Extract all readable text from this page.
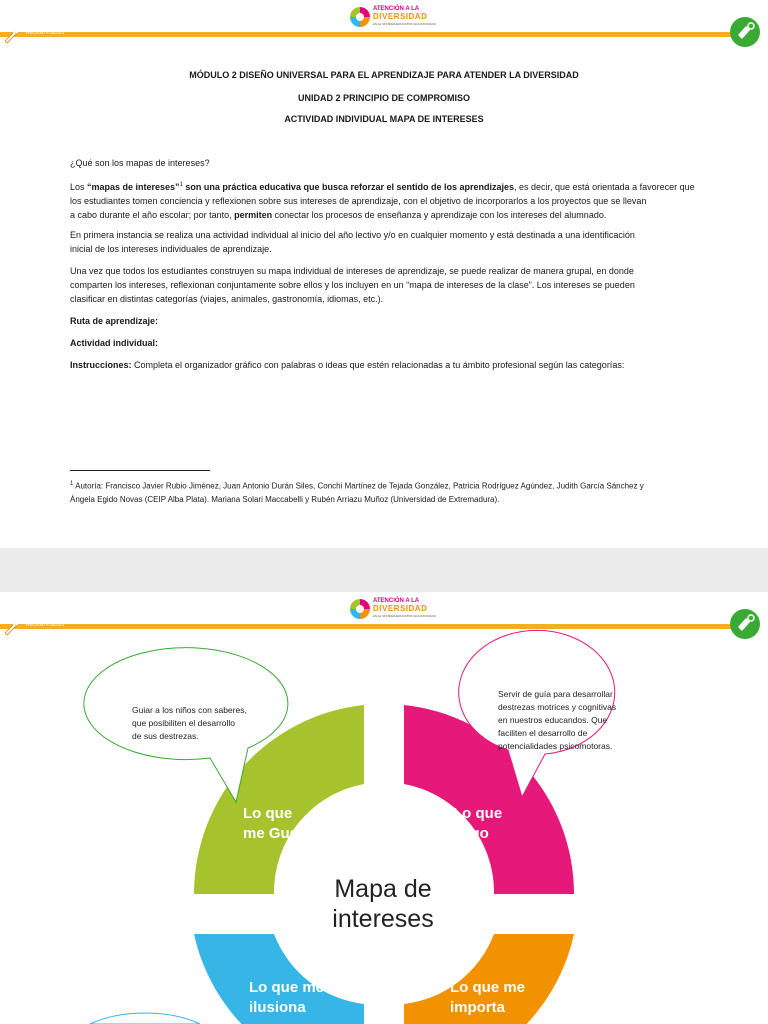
Recurso Práctico
ATENCIÓN A LA
DIVERSIDAD
EN EL SISTEMA EDUCATIVO ECUATORIANO
MÓDULO 2 DISEÑO UNIVERSAL PARA EL APRENDIZAJE PARA ATENDER LA DIVERSIDAD
UNIDAD 2 PRINCIPIO DE COMPROMISO
ACTIVIDAD INDIVIDUAL MAPA DE INTERESES
¿Qué son los mapas de intereses?
Los “mapas de intereses”$^1$ son una práctica educativa que busca reforzar el sentido de los aprendizajes, es decir, que está orientada a favorecer que
los estudiantes tomen conciencia y reflexionen sobre sus intereses de aprendizaje, con el objetivo de incorporarlos a los proyectos que se llevan
a cabo durante el año escolar; por tanto, permiten conectar los procesos de enseñanza y aprendizaje con los intereses del alumnado.
En primera instancia se realiza una actividad individual al inicio del año lectivo y/o en cualquier momento y está destinada a una identificación
inicial de los intereses individuales de aprendizaje.
Una vez que todos los estudiantes construyen su mapa individual de intereses de aprendizaje, se puede realizar de manera grupal, en donde
comparten los intereses, reflexionan conjuntamente sobre ellos y los incluyen en un “mapa de intereses de la clase”. Los intereses se pueden
clasificar en distintas categorías (viajes, animales, gastronomía, idiomas, etc.).
Ruta de aprendizaje:
Actividad individual:
Instrucciones: Completa el organizador gráfico con palabras o ideas que estén relacionadas a tu ámbito profesional según las categorías:
$^1$ Autoría: Francisco Javier Rubio Jiménez, Juan Antonio Durán Siles, Conchi Martínez de Tejada González, Patricia Rodríguez Agúndez, Judith García Sánchez y
Ángela Egido Novas (CEIP Alba Plata). Mariana Solari Maccabelli y Rubén Arriazu Muñoz (Universidad de Extremadura).
Recurso Práctico
ATENCIÓN A LA
DIVERSIDAD
EN EL SISTEMA EDUCATIVO ECUATORIANO
Guiar a los niños con saberes,
que posibiliten el desarrollo
de sus destrezas.
Servir de guía para desarrollar
destrezas motrices y cognitivas
en nuestros educandos. Que
faciliten el desarrollo de
potencialidades psicomotoras.
Lo que
me Gusta
Lo que
hago
Lo que me
ilusiona
Lo que me
importa
Mapa de
intereses
